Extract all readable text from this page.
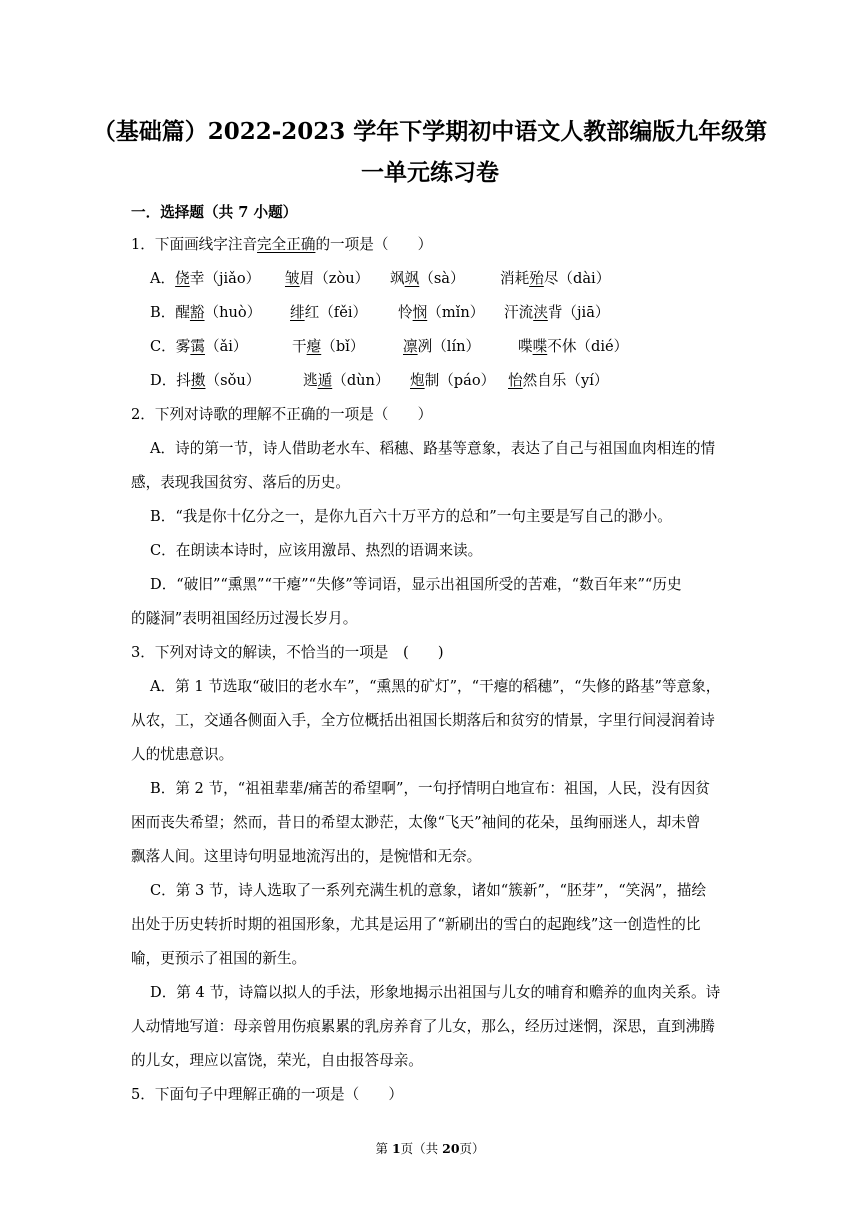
（基础篇）2022-2023 学年下学期初中语文人教部编版九年级第
一单元练习卷
一．选择题（共 7 小题）
1．下面画线字注音完全正确的一项是（　　）
A．侥幸（jiǎo） 皱眉（zòu） 飒飒（sà） 消耗殆尽（dài）
B．醒豁（huò） 绯红（fěi） 怜悯（mǐn） 汗流浃背（jiā）
C．雾霭（ǎi）	干瘪（bǐ）	凛冽（lín）	喋喋不休（dié）
D．抖擞（sǒu）	逃遁（dùn） 炮制（páo） 怡然自乐（yí）
2．下列对诗歌的理解不正确的一项是（　　）
A．诗的第一节，诗人借助老水车、稻穗、路基等意象，表达了自己与祖国血肉相连的情
感，表现我国贫穷、落后的历史。
B．“我是你十亿分之一，是你九百六十万平方的总和”一句主要是写自己的渺小。
C．在朗读本诗时，应该用激昂、热烈的语调来读。
D．“破旧”“熏黑”“干瘪”“失修”等词语，显示出祖国所受的苦难，“数百年来”“历史
的隧洞”表明祖国经历过漫长岁月。
3．下列对诗文的解读，不恰当的一项是　(　　)
A．第 1 节选取“破旧的老水车”，“熏黑的矿灯”，“干瘪的稻穗”，“失修的路基”等意象，
从农，工，交通各侧面入手，全方位概括出祖国长期落后和贫穷的情景，字里行间浸润着诗
人的忧患意识。
B．第 2 节，“祖祖辈辈/痛苦的希望啊”，一句抒情明白地宣布：祖国，人民，没有因贫
困而丧失希望；然而，昔日的希望太渺茫，太像“飞天”袖间的花朵，虽绚丽迷人，却未曾
飘落人间。这里诗句明显地流泻出的，是惋惜和无奈。
C．第 3 节，诗人选取了一系列充满生机的意象，诸如“簇新”，“胚芽”，“笑涡”，描绘
出处于历史转折时期的祖国形象，尤其是运用了“新刷出的雪白的起跑线”这一创造性的比
喻，更预示了祖国的新生。
D．第 4 节，诗篇以拟人的手法，形象地揭示出祖国与儿女的哺育和赡养的血肉关系。诗
人动情地写道：母亲曾用伤痕累累的乳房养育了儿女，那么，经历过迷惘，深思，直到沸腾
的儿女，理应以富饶，荣光，自由报答母亲。
5．下面句子中理解正确的一项是（　　）
第 1页（共 20页）
